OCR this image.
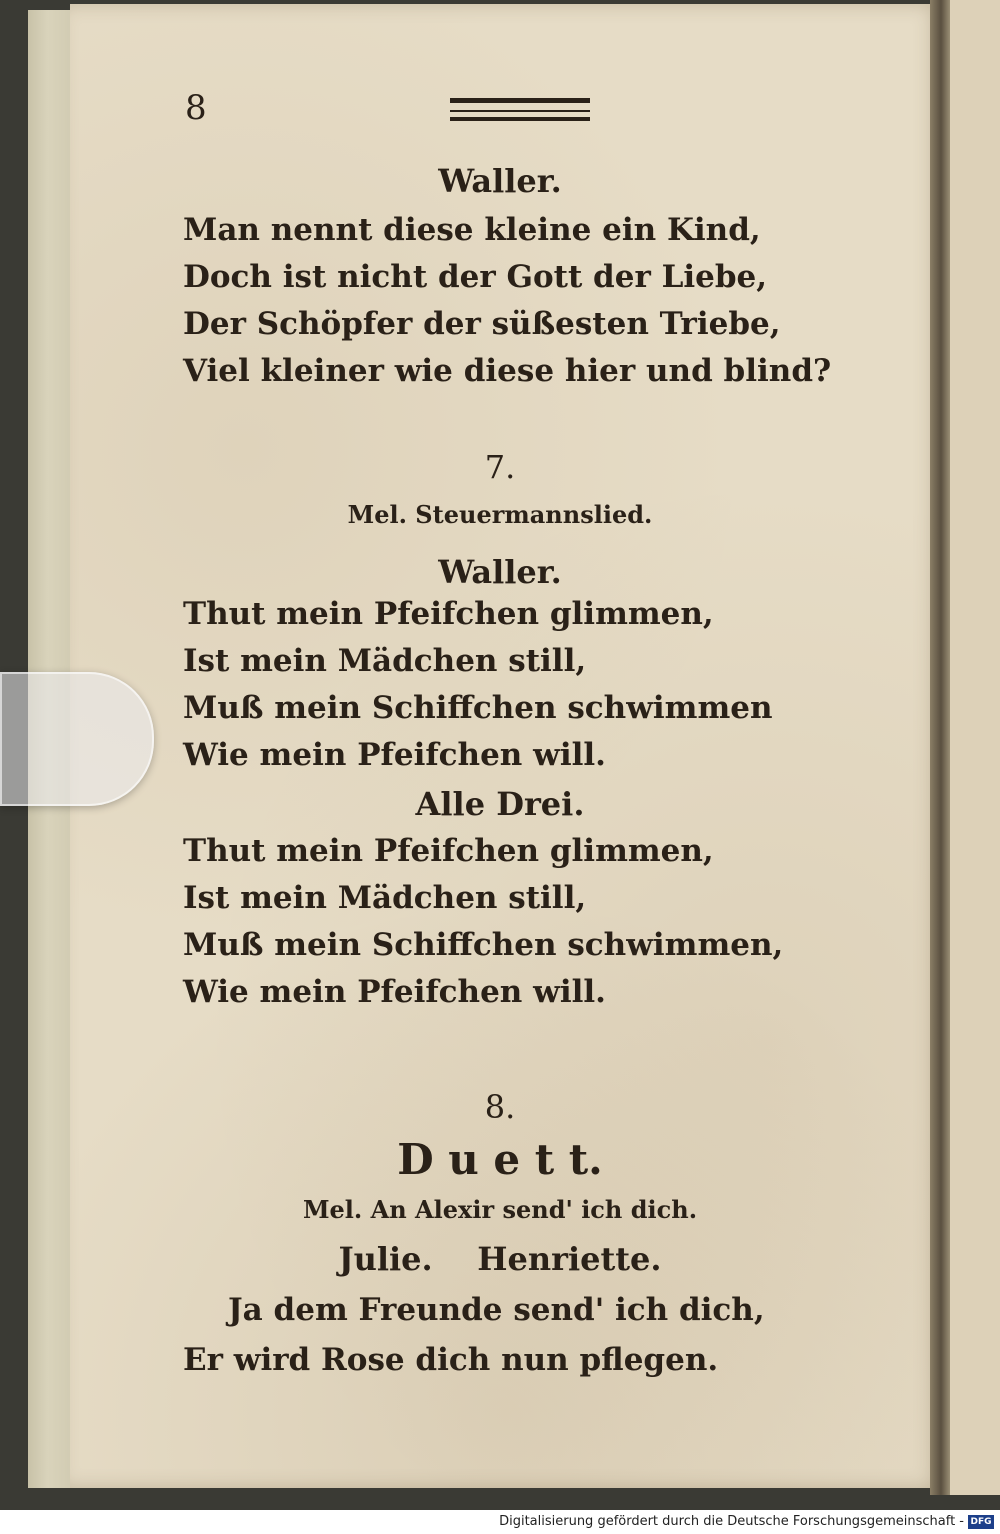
8
Waller.
Man nennt diese kleine ein Kind,
Doch ist nicht der Gott der Liebe,
Der Schöpfer der süßesten Triebe,
Viel kleiner wie diese hier und blind?
7.
Mel. Steuermannslied.
Waller.
Thut mein Pfeifchen glimmen,
Ist mein Mädchen still,
Muß mein Schiffchen schwimmen
Wie mein Pfeifchen will.
Alle Drei.
Thut mein Pfeifchen glimmen,
Ist mein Mädchen still,
Muß mein Schiffchen schwimmen,
Wie mein Pfeifchen will.
8.
D u e t t.
Mel. An Alexir send' ich dich.
Julie.    Henriette.
Ja dem Freunde send' ich dich,
Er wird Rose dich nun pflegen.
Digitalisierung gefördert durch die Deutsche Forschungsgemeinschaft - DFG
